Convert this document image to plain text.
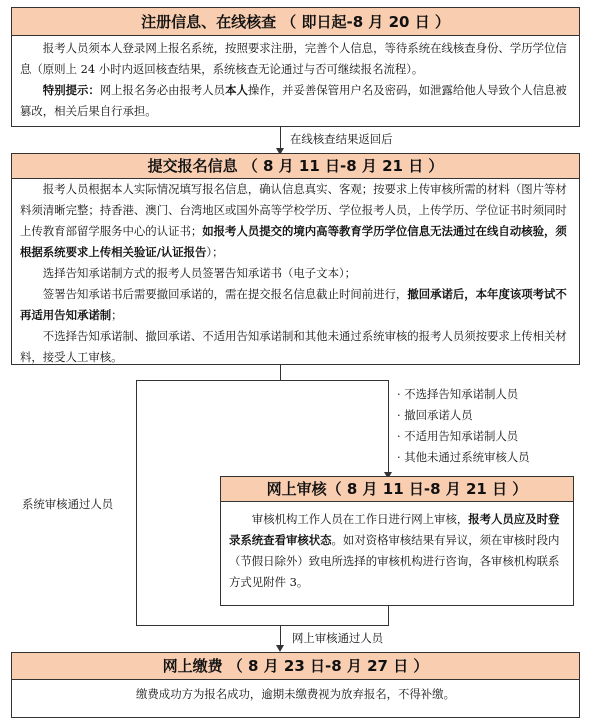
注册信息、在线核查 （ 即日起-8 月 20 日 ）

报考人员须本人登录网上报名系统，按照要求注册，完善个人信息，等待系统在线核查身份、学历学位信息（原则上 24 小时内返回核查结果，系统核查无论通过与否可继续报名流程）。

特别提示：网上报名务必由报考人员本人操作，并妥善保管用户名及密码，如泄露给他人导致个人信息被篡改，相关后果自行承担。

在线核查结果返回后
提交报名信息 （ 8 月 11 日-8 月 21 日 ）

报考人员根据本人实际情况填写报名信息，确认信息真实、客观；按要求上传审核所需的材料（图片等材料须清晰完整；持香港、澳门、台湾地区或国外高等学校学历、学位报考人员，上传学历、学位证书时须同时上传教育部留学服务中心的认证书；如报考人员提交的境内高等教育学历学位信息无法通过在线自动核验，须根据系统要求上传相关验证/认证报告）；

选择告知承诺制方式的报考人员签署告知承诺书（电子文本）；

签署告知承诺书后需要撤回承诺的，需在提交报名信息截止时间前进行，撤回承诺后，本年度该项考试不再适用告知承诺制；

不选择告知承诺制、撤回承诺、不适用告知承诺制和其他未通过系统审核的报考人员须按要求上传相关材料，接受人工审核。

系统审核通过人员
· 不选择告知承诺制人员
· 撤回承诺人员
· 不适用告知承诺制人员
· 其他未通过系统审核人员
网上审核（ 8 月 11 日-8 月 21 日 ）

审核机构工作人员在工作日进行网上审核，报考人员应及时登录系统查看审核状态。如对资格审核结果有异议，须在审核时段内（节假日除外）致电所选择的审核机构进行咨询，各审核机构联系方式见附件 3。

网上审核通过人员
网上缴费 （ 8 月 23 日-8 月 27 日 ）
缴费成功方为报名成功，逾期未缴费视为放弃报名，不得补缴。
